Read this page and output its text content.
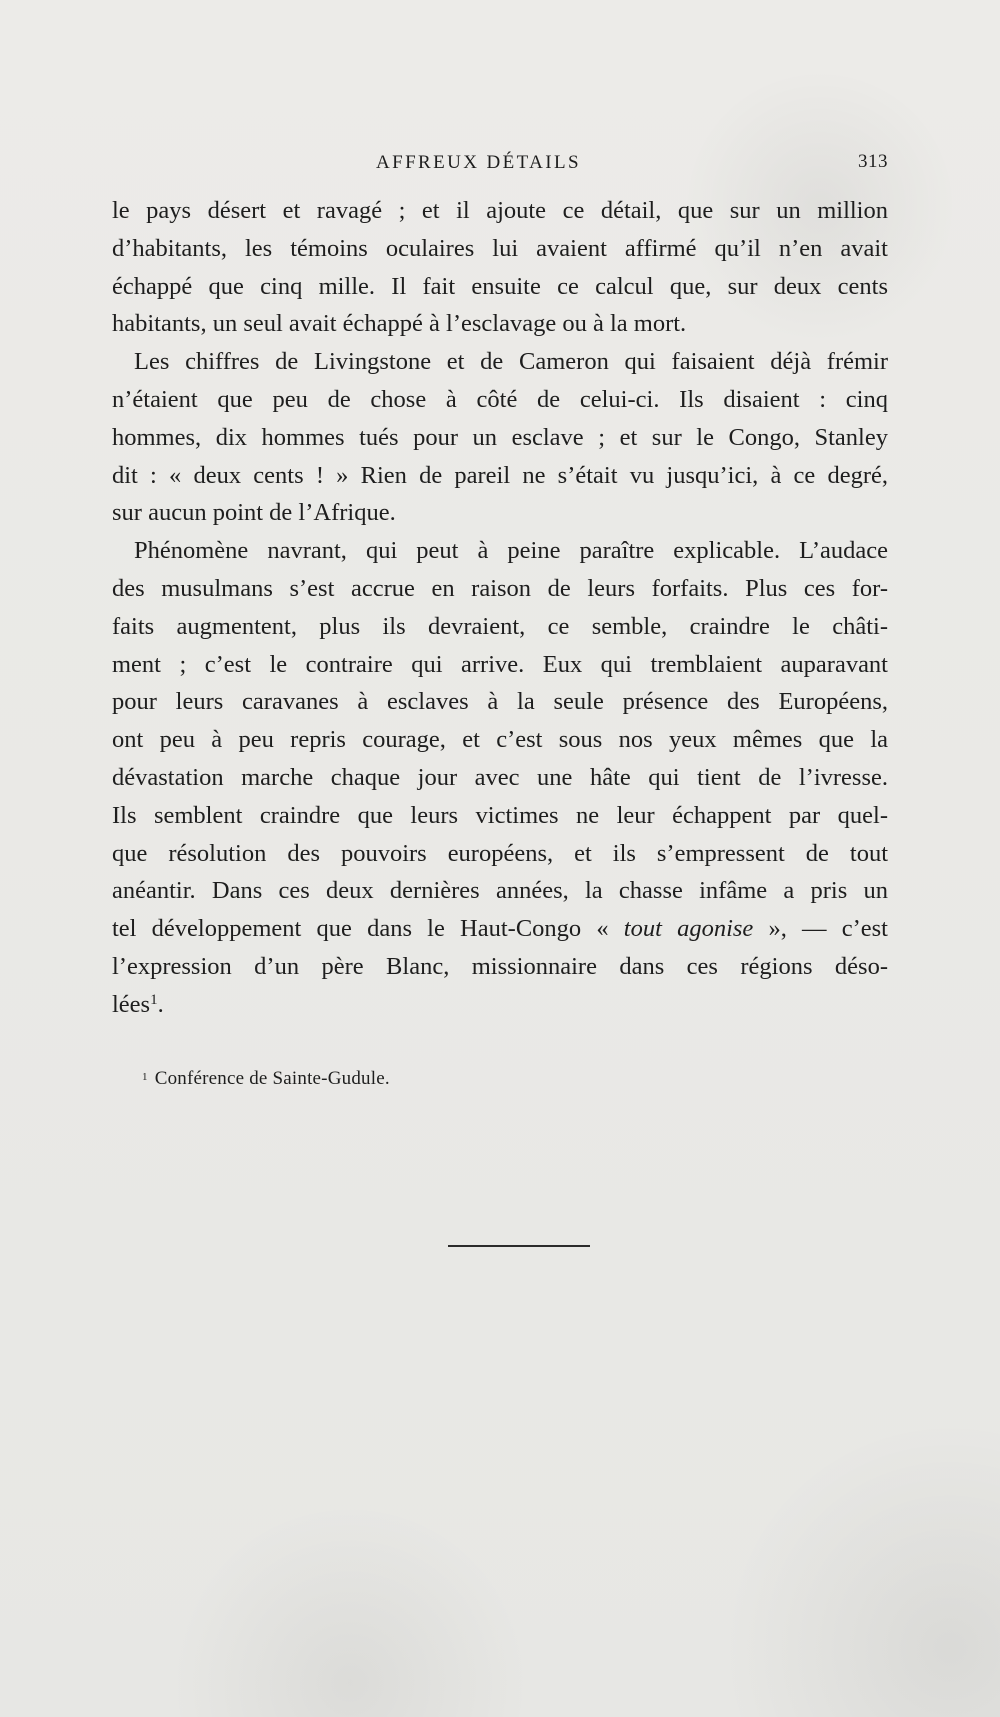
AFFREUX DÉTAILS	313
le pays désert et ravagé ; et il ajoute ce détail, que sur un million
d’habitants, les témoins oculaires lui avaient affirmé qu’il n’en avait
échappé que cinq mille. Il fait ensuite ce calcul que, sur deux cents
habitants, un seul avait échappé à l’esclavage ou à la mort.
Les chiffres de Livingstone et de Cameron qui faisaient déjà frémir
n’étaient que peu de chose à côté de celui-ci. Ils disaient : cinq
hommes, dix hommes tués pour un esclave ; et sur le Congo, Stanley
dit : « deux cents ! » Rien de pareil ne s’était vu jusqu’ici, à ce degré,
sur aucun point de l’Afrique.
Phénomène navrant, qui peut à peine paraître explicable. L’audace
des musulmans s’est accrue en raison de leurs forfaits. Plus ces for-
faits augmentent, plus ils devraient, ce semble, craindre le châti-
ment ; c’est le contraire qui arrive. Eux qui tremblaient auparavant
pour leurs caravanes à esclaves à la seule présence des Européens,
ont peu à peu repris courage, et c’est sous nos yeux mêmes que la
dévastation marche chaque jour avec une hâte qui tient de l’ivresse.
Ils semblent craindre que leurs victimes ne leur échappent par quel-
que résolution des pouvoirs européens, et ils s’empressent de tout
anéantir. Dans ces deux dernières années, la chasse infâme a pris un
tel développement que dans le Haut-Congo « tout agonise », — c’est
l’expression d’un père Blanc, missionnaire dans ces régions déso-
lées$^1$.
$^1$ Conférence de Sainte-Gudule.
